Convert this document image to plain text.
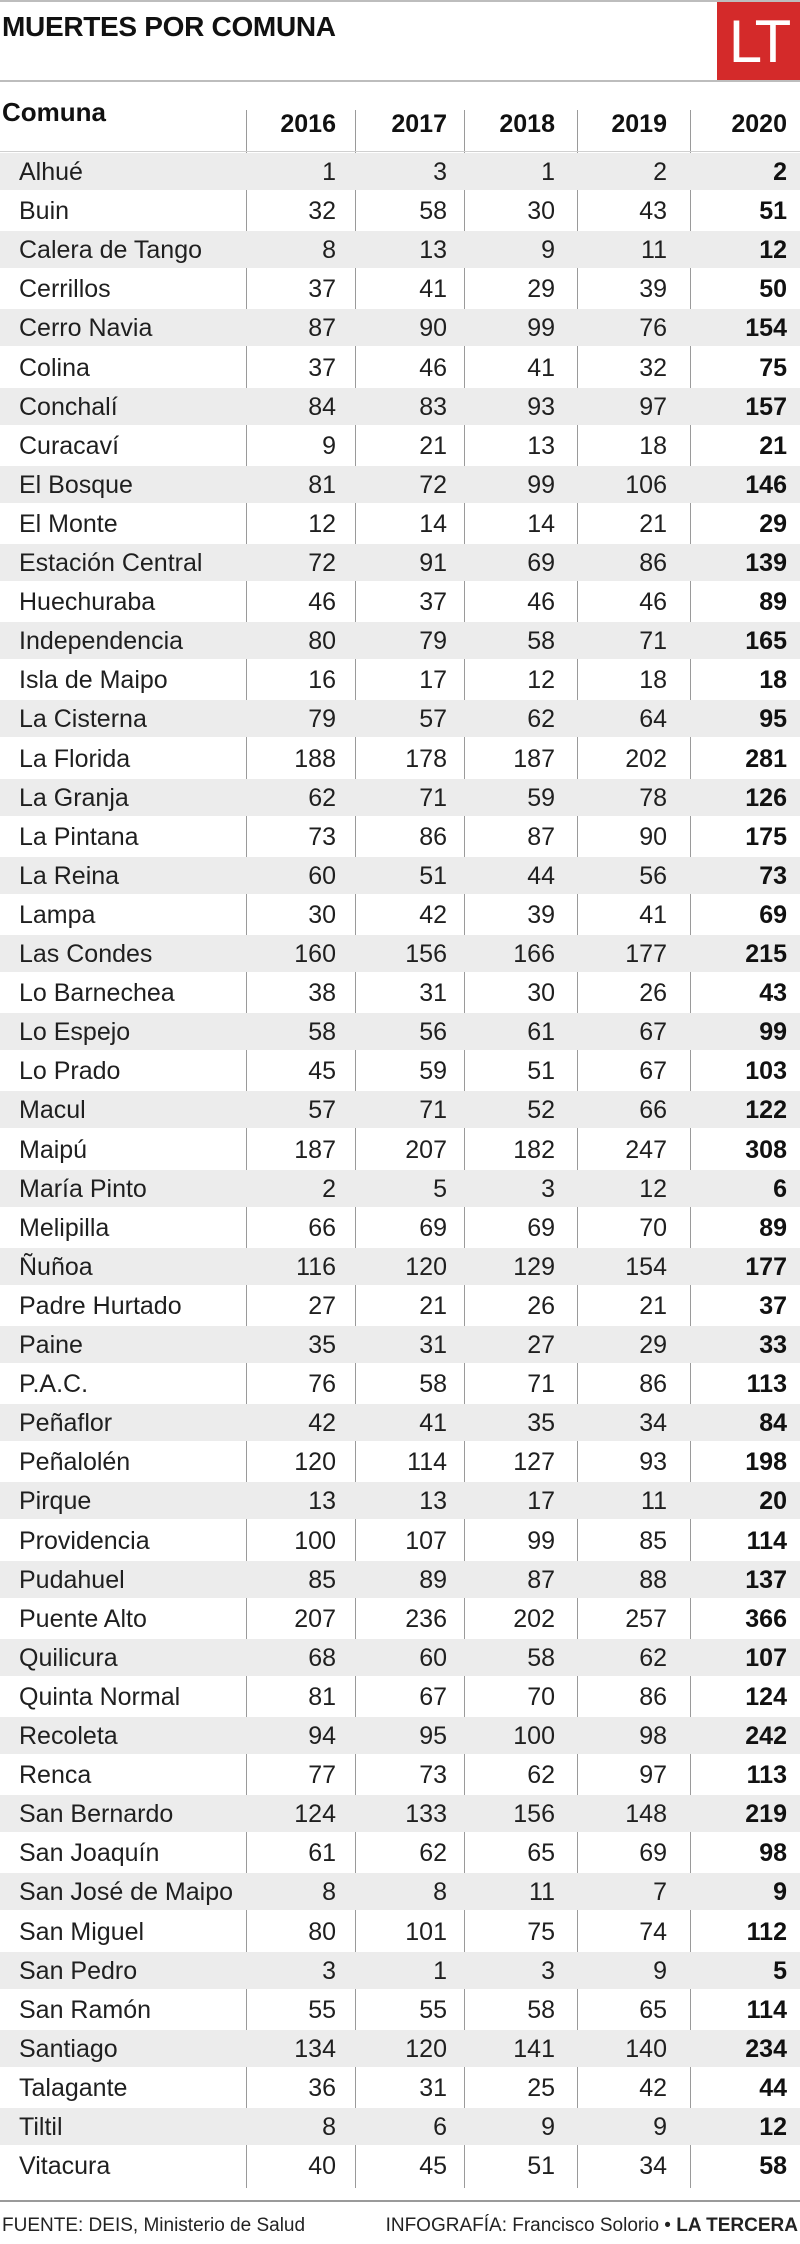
MUERTES POR COMUNA	LT
Comuna	2016	2017	2018	2019	2020
Alhué	1	3	1	2	2
Buin	32	58	30	43	51
Calera de Tango	8	13	9	11	12
Cerrillos	37	41	29	39	50
Cerro Navia	87	90	99	76	154
Colina	37	46	41	32	75
Conchalí	84	83	93	97	157
Curacaví	9	21	13	18	21
El Bosque	81	72	99	106	146
El Monte	12	14	14	21	29
Estación Central	72	91	69	86	139
Huechuraba	46	37	46	46	89
Independencia	80	79	58	71	165
Isla de Maipo	16	17	12	18	18
La Cisterna	79	57	62	64	95
La Florida	188	178	187	202	281
La Granja	62	71	59	78	126
La Pintana	73	86	87	90	175
La Reina	60	51	44	56	73
Lampa	30	42	39	41	69
Las Condes	160	156	166	177	215
Lo Barnechea	38	31	30	26	43
Lo Espejo	58	56	61	67	99
Lo Prado	45	59	51	67	103
Macul	57	71	52	66	122
Maipú	187	207	182	247	308
María Pinto	2	5	3	12	6
Melipilla	66	69	69	70	89
Ñuñoa	116	120	129	154	177
Padre Hurtado	27	21	26	21	37
Paine	35	31	27	29	33
P.A.C.	76	58	71	86	113
Peñaflor	42	41	35	34	84
Peñalolén	120	114	127	93	198
Pirque	13	13	17	11	20
Providencia	100	107	99	85	114
Pudahuel	85	89	87	88	137
Puente Alto	207	236	202	257	366
Quilicura	68	60	58	62	107
Quinta Normal	81	67	70	86	124
Recoleta	94	95	100	98	242
Renca	77	73	62	97	113
San Bernardo	124	133	156	148	219
San Joaquín	61	62	65	69	98
San José de Maipo	8	8	11	7	9
San Miguel	80	101	75	74	112
San Pedro	3	1	3	9	5
San Ramón	55	55	58	65	114
Santiago	134	120	141	140	234
Talagante	36	31	25	42	44
Tiltil	8	6	9	9	12
Vitacura	40	45	51	34	58
FUENTE: DEIS, Ministerio de Salud	INFOGRAFÍA: Francisco Solorio • LA TERCERA
